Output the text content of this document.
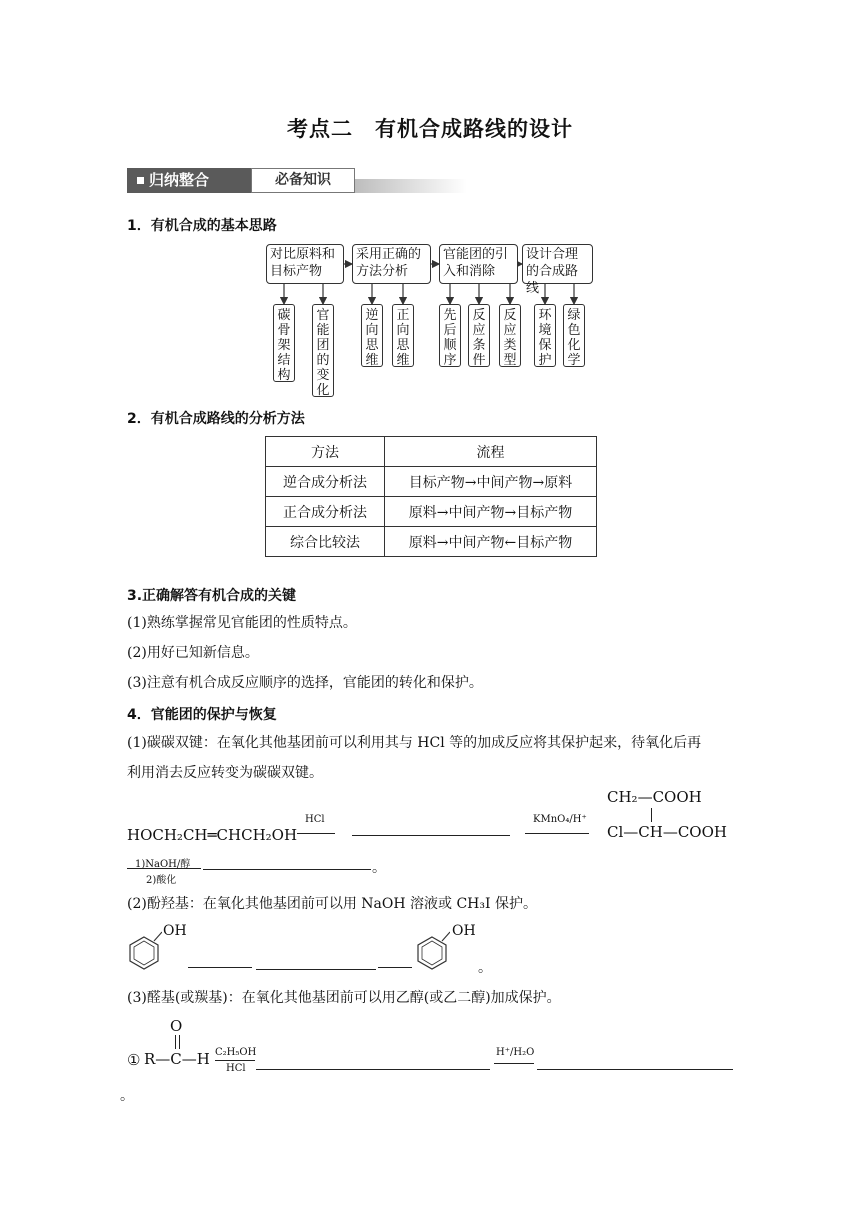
考点二　有机合成路线的设计
归纳整合	必备知识
1．有机合成的基本思路
对比原料和目标产物
采用正确的方法分析
官能团的引入和消除
设计合理的合成路线
碳
骨
架
结
构
官
能
团
的
变
化
逆
向
思
维
正
向
思
维
先
后
顺
序
反
应
条
件
反
应
类
型
环
境
保
护
绿
色
化
学
2．有机合成路线的分析方法
方法	流程
逆合成分析法	目标产物→中间产物→原料
正合成分析法	原料→中间产物→目标产物
综合比较法	原料→中间产物←目标产物
3.正确解答有机合成的关键
(1)熟练掌握常见官能团的性质特点。
(2)用好已知新信息。
(3)注意有机合成反应顺序的选择，官能团的转化和保护。
4．官能团的保护与恢复
(1)碳碳双键：在氧化其他基团前可以利用其与 HCl 等的加成反应将其保护起来，待氧化后再
利用消去反应转变为碳碳双键。
CH₂—COOH
HOCH₂CH═CHCH₂OH
HCl	KMnO₄/H⁺
Cl—CH—COOH
1)NaOH/醇
2)酸化
。
(2)酚羟基：在氧化其他基团前可以用 NaOH 溶液或 CH₃I 保护。
OH	OH
。
(3)醛基(或羰基)：在氧化其他基团前可以用乙醇(或乙二醇)加成保护。
O
① R—C—H C₂H₅OH
HCl
H⁺/H₂O
。
